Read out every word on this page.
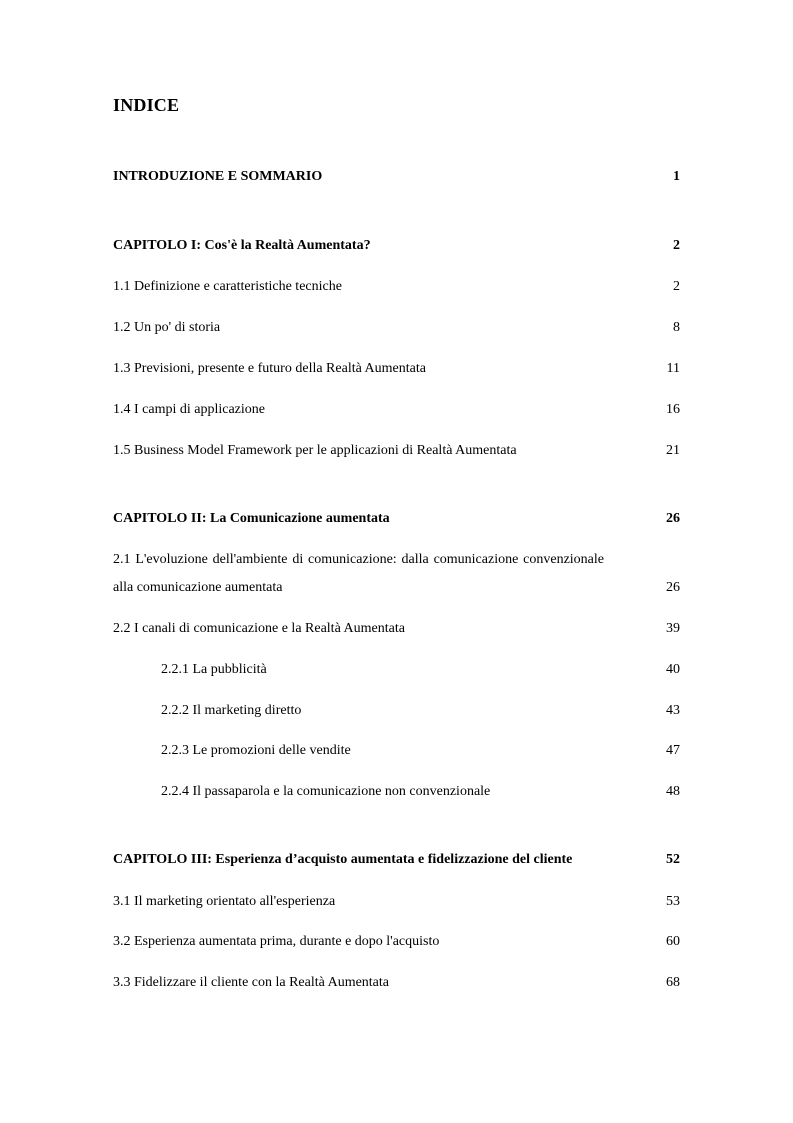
INDICE
INTRODUZIONE E SOMMARIO	1
CAPITOLO I: Cos'è la Realtà Aumentata?	2
1.1 Definizione e caratteristiche tecniche	2
1.2 Un po' di storia	8
1.3 Previsioni, presente e futuro della Realtà Aumentata	11
1.4 I campi di applicazione	16
1.5 Business Model Framework per le applicazioni di Realtà Aumentata	21
CAPITOLO II: La Comunicazione aumentata	26
2.1 L'evoluzione dell'ambiente di comunicazione: dalla comunicazione convenzionale alla comunicazione aumentata	26
2.2 I canali di comunicazione e la Realtà Aumentata	39
2.2.1 La pubblicità	40
2.2.2 Il marketing diretto	43
2.2.3 Le promozioni delle vendite	47
2.2.4 Il passaparola e la comunicazione non convenzionale	48
CAPITOLO III: Esperienza d’acquisto aumentata e fidelizzazione del cliente	52
3.1 Il marketing orientato all'esperienza	53
3.2 Esperienza aumentata prima, durante e dopo l'acquisto	60
3.3 Fidelizzare il cliente con la Realtà Aumentata	68
